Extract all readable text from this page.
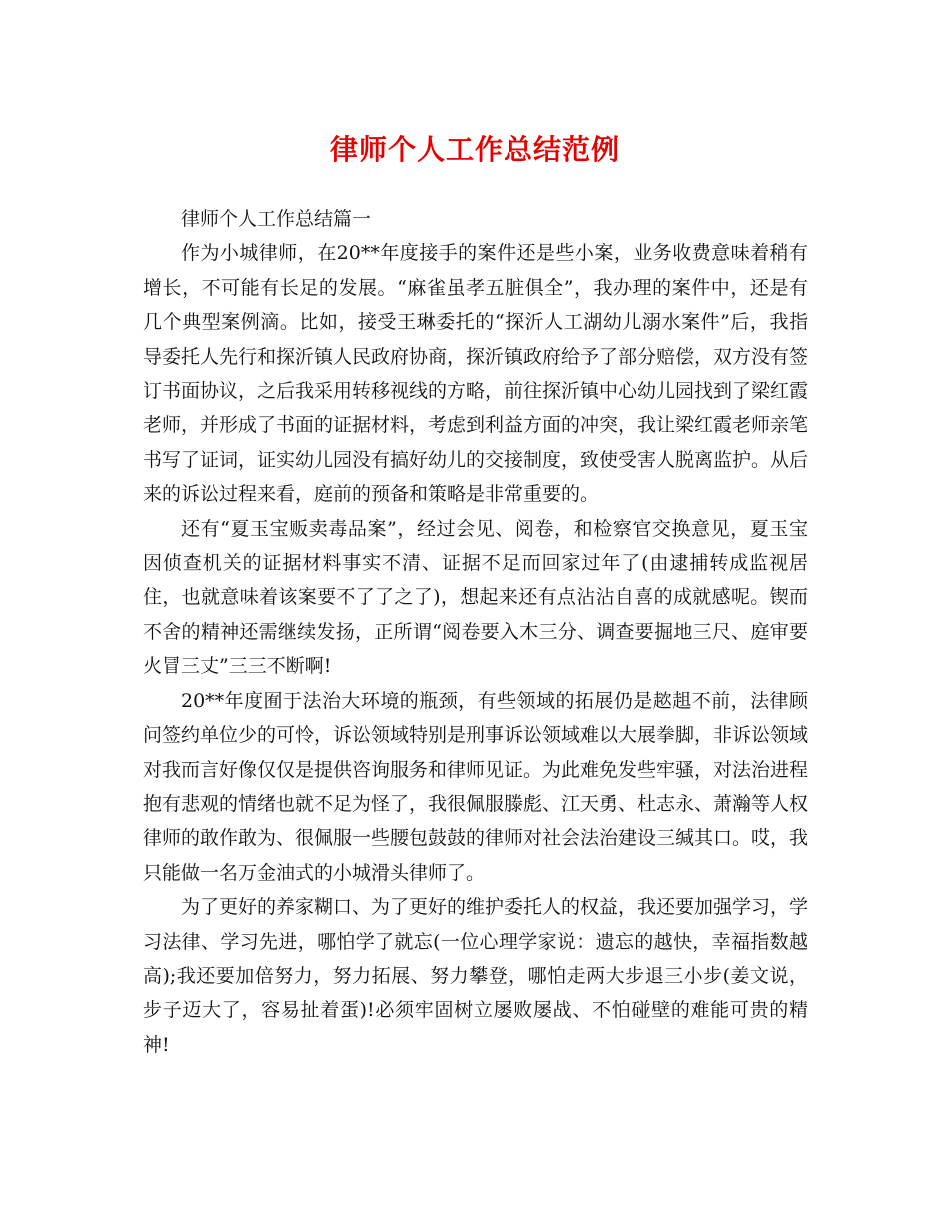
律师个人工作总结范例

律师个人工作总结篇一

作为小城律师，在20**年度接手的案件还是些小案，业务收费意味着稍有增长，不可能有长足的发展。“麻雀虽孝五脏俱全”，我办理的案件中，还是有几个典型案例滴。比如，接受王琳委托的“探沂人工湖幼儿溺水案件”后，我指导委托人先行和探沂镇人民政府协商，探沂镇政府给予了部分赔偿，双方没有签订书面协议，之后我采用转移视线的方略，前往探沂镇中心幼儿园找到了梁红霞老师，并形成了书面的证据材料，考虑到利益方面的冲突，我让梁红霞老师亲笔书写了证词，证实幼儿园没有搞好幼儿的交接制度，致使受害人脱离监护。从后来的诉讼过程来看，庭前的预备和策略是非常重要的。

还有“夏玉宝贩卖毒品案”，经过会见、阅卷，和检察官交换意见，夏玉宝因侦查机关的证据材料事实不清、证据不足而回家过年了(由逮捕转成监视居住，也就意味着该案要不了了之了)，想起来还有点沾沾自喜的成就感呢。锲而不舍的精神还需继续发扬，正所谓“阅卷要入木三分、调查要掘地三尺、庭审要火冒三丈”三三不断啊!

20**年度囿于法治大环境的瓶颈，有些领域的拓展仍是趑趄不前，法律顾问签约单位少的可怜，诉讼领域特别是刑事诉讼领域难以大展拳脚，非诉讼领域对我而言好像仅仅是提供咨询服务和律师见证。为此难免发些牢骚，对法治进程抱有悲观的情绪也就不足为怪了，我很佩服滕彪、江天勇、杜志永、萧瀚等人权律师的敢作敢为、很佩服一些腰包鼓鼓的律师对社会法治建设三缄其口。哎，我只能做一名万金油式的小城滑头律师了。

为了更好的养家糊口、为了更好的维护委托人的权益，我还要加强学习，学习法律、学习先进，哪怕学了就忘(一位心理学家说：遗忘的越快，幸福指数越高);我还要加倍努力，努力拓展、努力攀登，哪怕走两大步退三小步(姜文说，步子迈大了，容易扯着蛋)!必须牢固树立屡败屡战、不怕碰壁的难能可贵的精神!
